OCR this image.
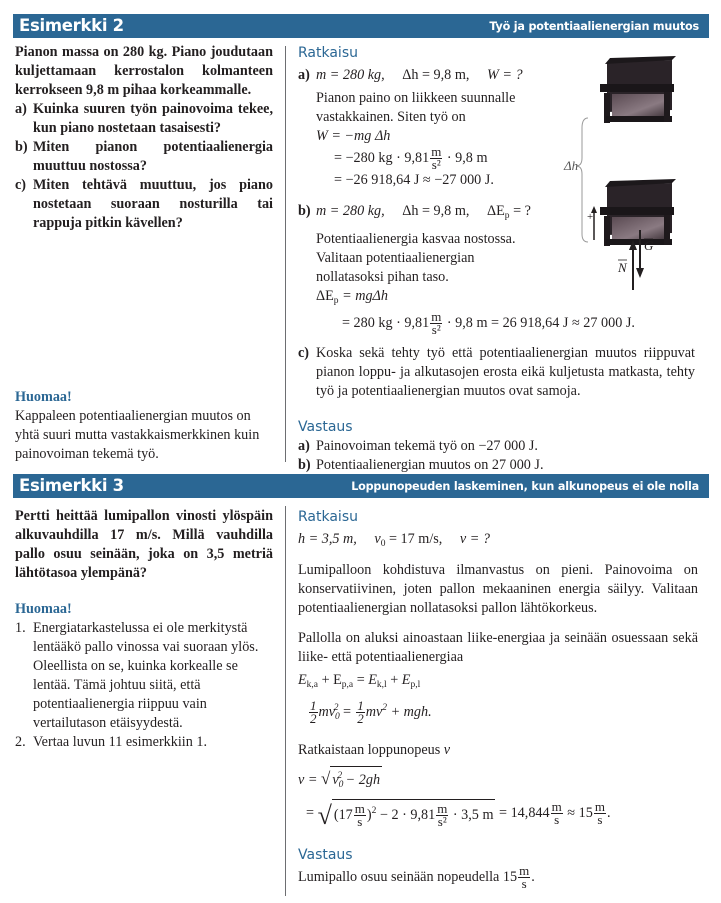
Esimerkki 2	Työ ja potentiaalienergian muutos

Pianon massa on 280 kg. Piano joudutaan kuljettamaan kerrostalon kolmanteen kerrokseen 9,8 m pihaa korkeammalle.

a) Kuinka suuren työn painovoima tekee, kun piano nostetaan tasaisesti?
b) Miten pianon potentiaalienergia muuttuu nostossa?
c) Miten tehtävä muuttuu, jos piano nostetaan suoraan nosturilla tai rappuja pitkin kävellen?
Huomaa!

Kappaleen potentiaalienergian muutos on yhtä suuri mutta vastakkaismerkkinen kuin painovoiman tekemä työ.

Ratkaisu
a) m = 280 kg, Δh = 9,8 m, W = ?
Pianon paino on liikkeen suunnalle vastakkainen. Siten työ on
W = −mg Δh
= −280 kg · $9,81 \frac{m}{\text{s²}} \cdot 9,8$ m
= −26 918,64 J ≈ −27 000 J.
b) m = 280 kg, Δh = 9,8 m, $\Delta E_p$ = ?
Potentiaalienergia kasvaa nostossa.
Valitaan potentiaalienergian
nollatasoksi pihan taso.
$\Delta E_p = mg\Delta h$
= 280 kg · $9,81 \frac{m}{\text{s²}} \cdot 9,8$ m = 26 918,64 J ≈ 27 000 J.
c) Koska sekä tehty työ että potentiaalienergian muutos riippuvat pianon loppu- ja alkutasojen erosta eikä kuljetusta matkasta, tehty työ ja potentiaalienergian muutos ovat samoja.
Vastaus
a) Painovoiman tekemä työ on −27 000 J.
b) Potentiaalienergian muutos on 27 000 J.
Δh
+
N
G
Esimerkki 3	Loppunopeuden laskeminen, kun alkunopeus ei ole nolla

Pertti heittää lumipallon vinosti ylöspäin alkuvauhdilla 17 m/s. Millä vauhdilla pallo osuu seinään, joka on 3,5 metriä lähtötasoa ylempänä?

Huomaa!
1. Energiatarkastelussa ei ole merkitystä lentääkö pallo vinossa vai suoraan ylös. Oleellista on se, kuinka korkealle se lentää. Tämä johtuu siitä, että potentiaalienergia riippuu vain vertailutason etäisyydestä.
2. Vertaa luvun 11 esimerkkiin 1.
Ratkaisu
h = 3,5 m, $v_0 = 17$ m/s, v = ?

Lumipalloon kohdistuva ilmanvastus on pieni. Painovoima on konservatiivinen, joten pallon mekaaninen energia säilyy. Valitaan potentiaalienergian nollatasoksi pallon lähtökorkeus.

Pallolla on aluksi ainoastaan liike-energiaa ja seinään osuessaan sekä liike- että potentiaalienergiaa

$E_{k,a} + E_{p,a} = E_{k,l} + E_{p,l}$
$\frac{1}{2} mv_0^2 = \frac{1}{2} mv^2$ + mgh.
Ratkaistaan loppunopeus v
v = √ $v_0^2 - 2gh$
= √ $(17 \frac{m}{s} )^2 - 2 \cdot 9,81 \frac{m}{\text{s²}} \cdot 3,5$ $m = 14,844 \frac{m}{s} \approx 15 \frac{m}{s}$ .
Vastaus
Lumipallo osuu seinään nopeudella $15 \frac{m}{s}$ .
